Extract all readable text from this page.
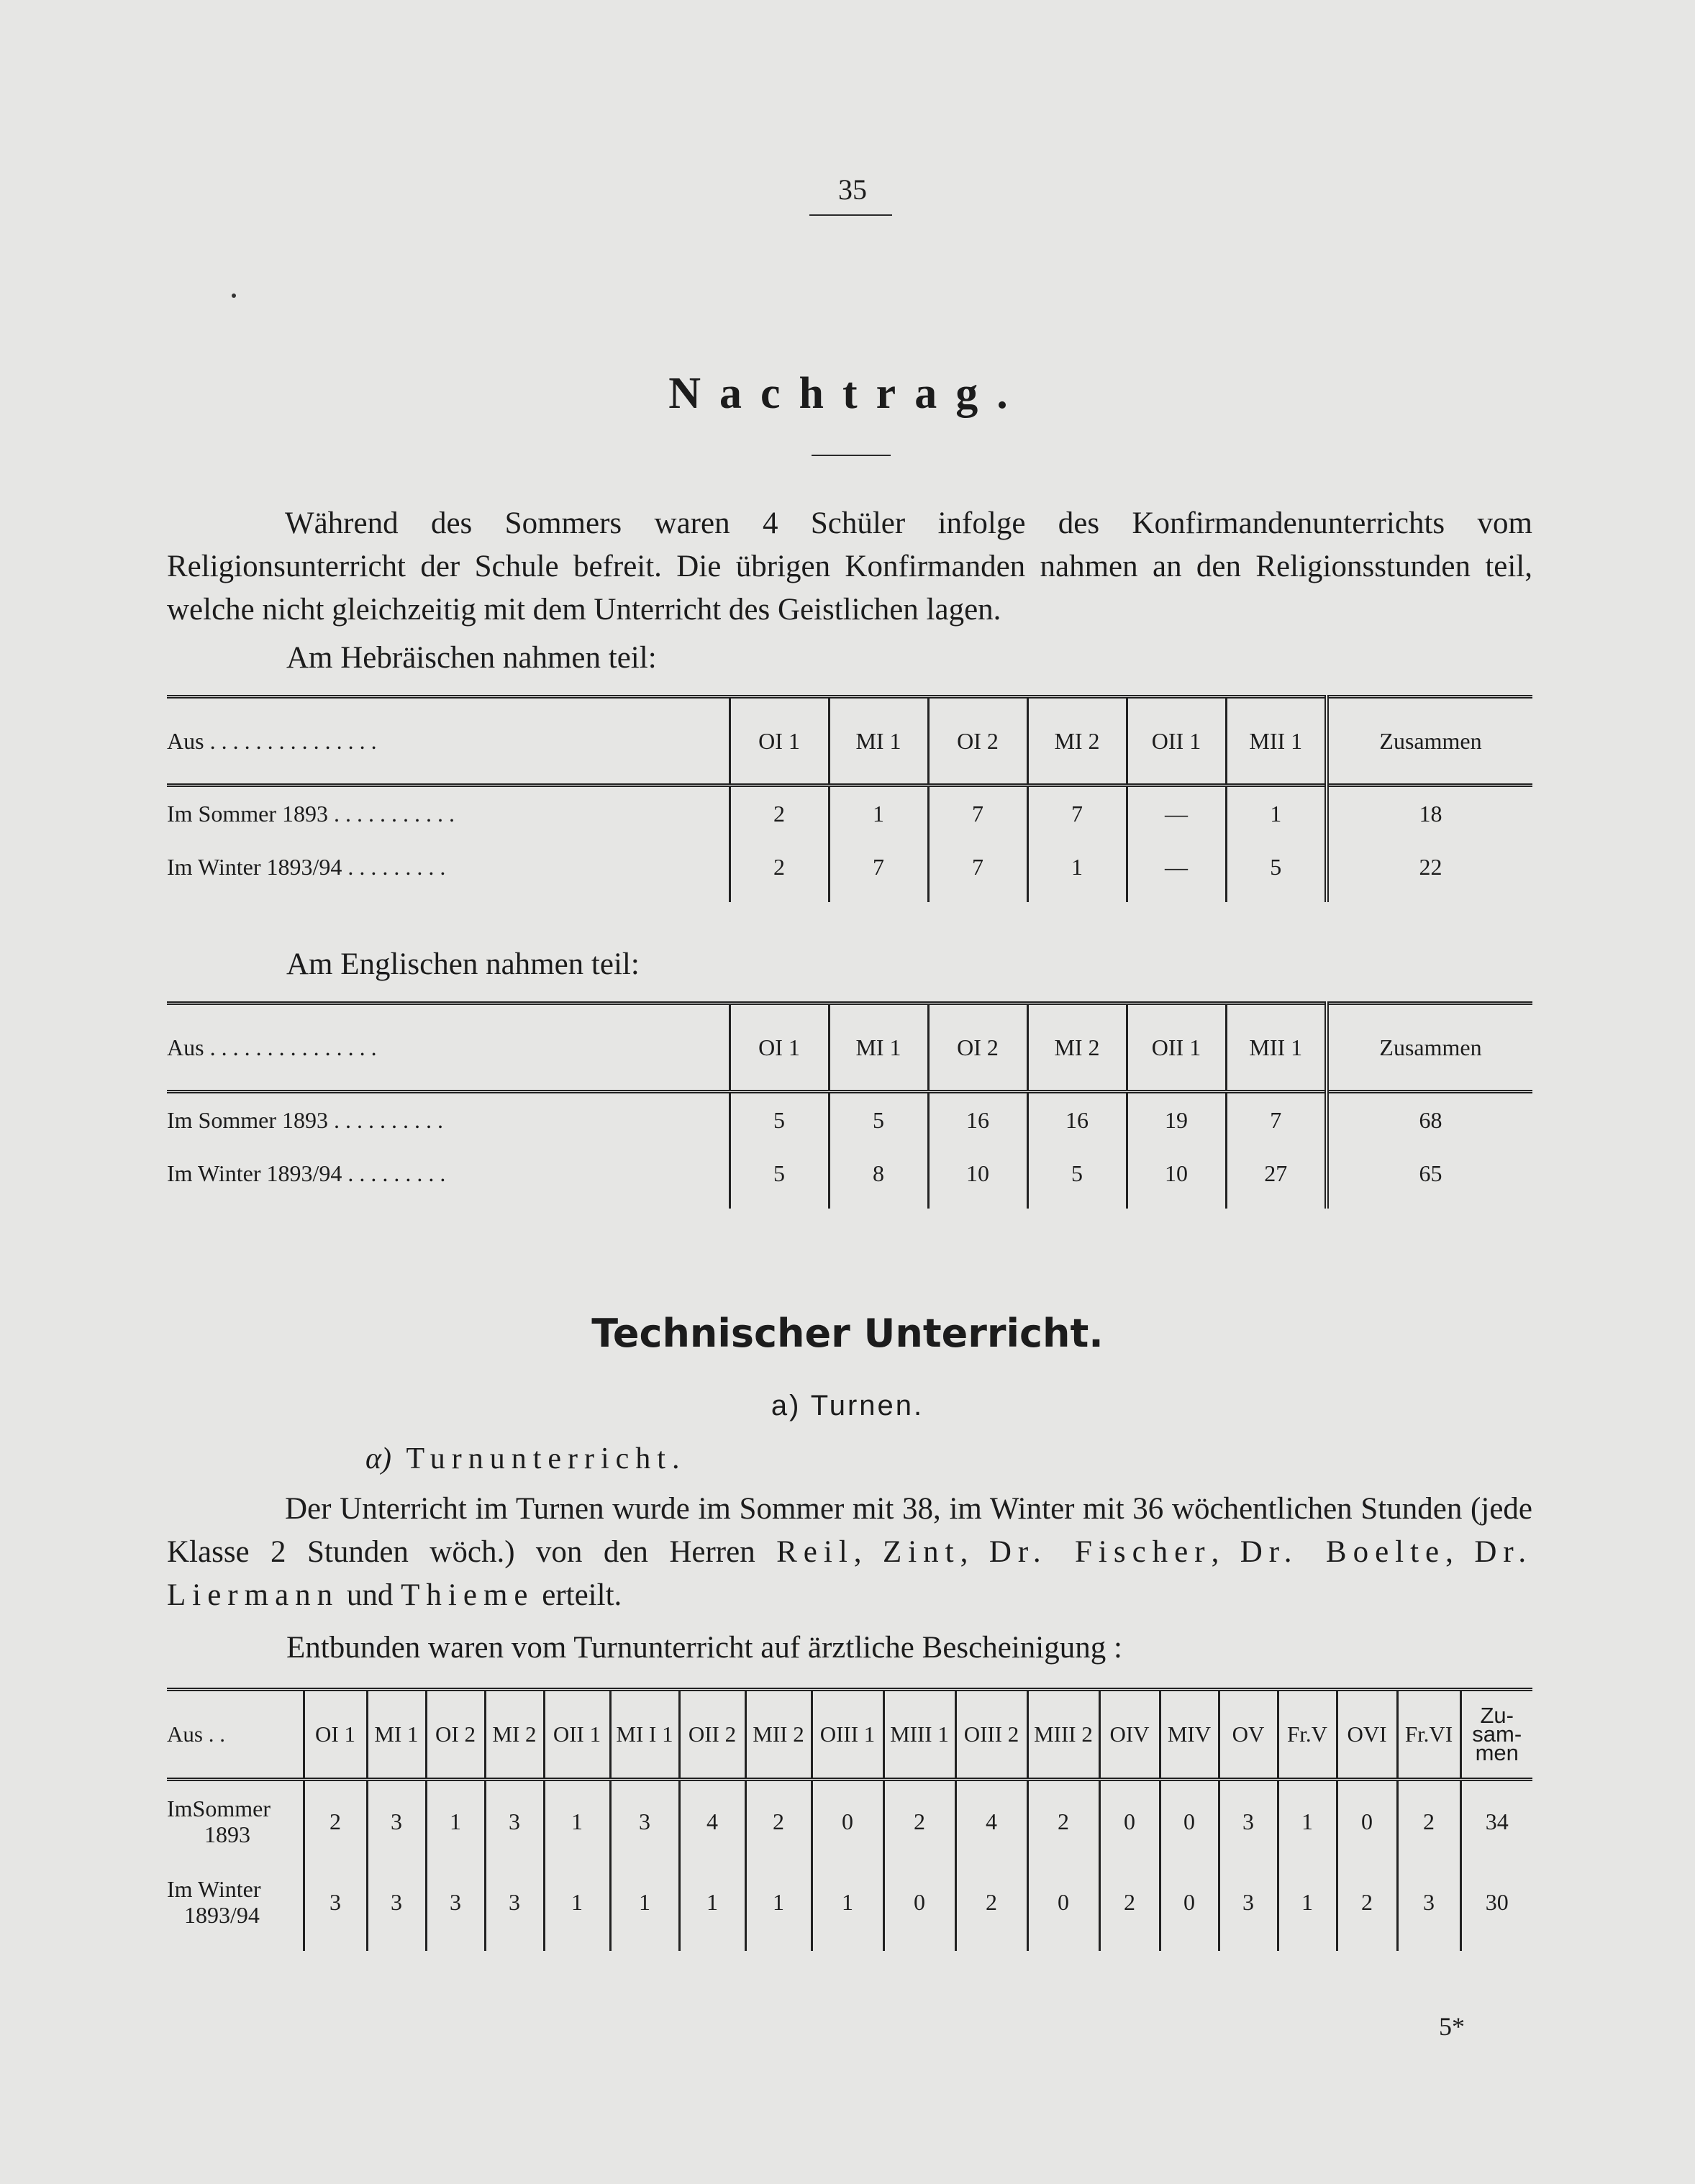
35
Nachtrag.
Während des Sommers waren 4 Schüler infolge des Konfirmandenunterrichts vom Religionsunterricht der Schule befreit. Die übrigen Konfirmanden nahmen an den Religionsstunden teil, welche nicht gleichzeitig mit dem Unterricht des Geistlichen lagen.
Am Hebräischen nahmen teil:
Aus . . . . . . . . . . . . . . .	OI 1	MI 1	OI 2	MI 2	OII 1	MII 1	Zusammen

Im Sommer 1893 . . . . . . . . . . .	2	1	7	7	—	1	18
Im Winter 1893/94 . . . . . . . . .	2	7	7	1	—	5	22

Am Englischen nahmen teil:
Aus . . . . . . . . . . . . . . .	OI 1	MI 1	OI 2	MI 2	OII 1	MII 1	Zusammen

Im Sommer 1893 . . . . . . . . . .	5	5	16	16	19	7	68
Im Winter 1893/94 . . . . . . . . .	5	8	10	5	10	27	65

Technischer Unterricht.
a) Turnen.
α) Turnunterricht.
Der Unterricht im Turnen wurde im Sommer mit 38, im Winter mit 36 wöchentlichen Stunden (jede Klasse 2 Stunden wöch.) von den Herren Reil, Zint, Dr. Fischer, Dr. Boelte, Dr. Liermann und Thieme erteilt.
Entbunden waren vom Turnunterricht auf ärztliche Bescheinigung :
Aus . .	OI 1	MI 1	OI 2	MI 2	OII 1	MI I 1	OII 2	MII 2	OIII 1	MIII 1	OIII 2	MIII 2	OIV	MIV	OV	Fr.V	OVI	Fr.VI	Zu-
sam-
men

ImSommer
1893	2	3	1	3	1	3	4	2	0	2	4	2	0	0	3	1	0	2	34

Im Winter
1893/94	3	3	3	3	1	1	1	1	1	0	2	0	2	0	3	1	2	3	30

5*
